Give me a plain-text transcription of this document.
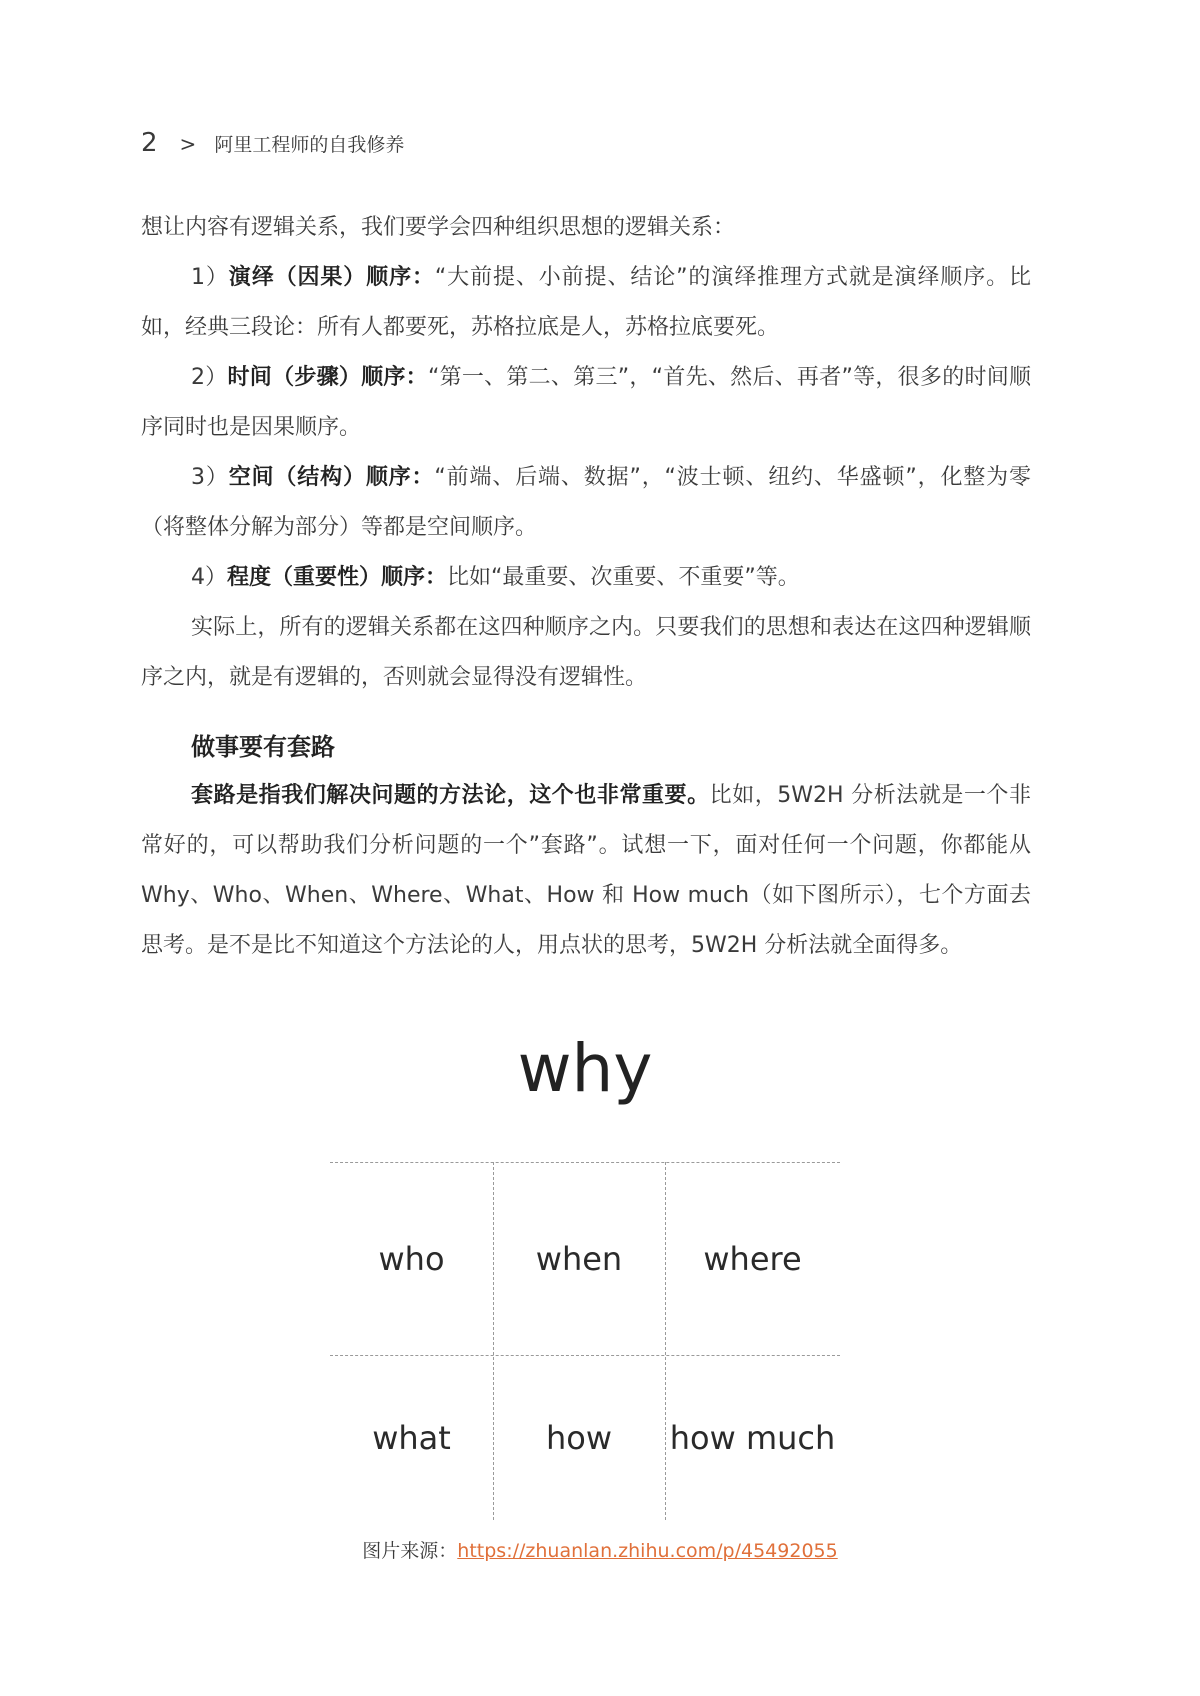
2 > 阿里工程师的自我修养

想让内容有逻辑关系，我们要学会四种组织思想的逻辑关系：

1）演绎（因果）顺序：“大前提、小前提、结论”的演绎推理方式就是演绎顺序。比如，经典三段论：所有人都要死，苏格拉底是人，苏格拉底要死。

2）时间（步骤）顺序：“第一、第二、第三”，“首先、然后、再者”等，很多的时间顺序同时也是因果顺序。

3）空间（结构）顺序：“前端、后端、数据”，“波士顿、纽约、华盛顿”，化整为零（将整体分解为部分）等都是空间顺序。

4）程度（重要性）顺序：比如“最重要、次重要、不重要”等。

实际上，所有的逻辑关系都在这四种顺序之内。只要我们的思想和表达在这四种逻辑顺序之内，就是有逻辑的，否则就会显得没有逻辑性。

做事要有套路

套路是指我们解决问题的方法论，这个也非常重要。比如，5W2H 分析法就是一个非常好的，可以帮助我们分析问题的一个”套路”。试想一下，面对任何一个问题，你都能从 Why、Who、When、Where、What、How 和 How much（如下图所示），七个方面去思考。是不是比不知道这个方法论的人，用点状的思考，5W2H 分析法就全面得多。

why
who	when	where
what	how	how much
图片来源：https://zhuanlan.zhihu.com/p/45492055
